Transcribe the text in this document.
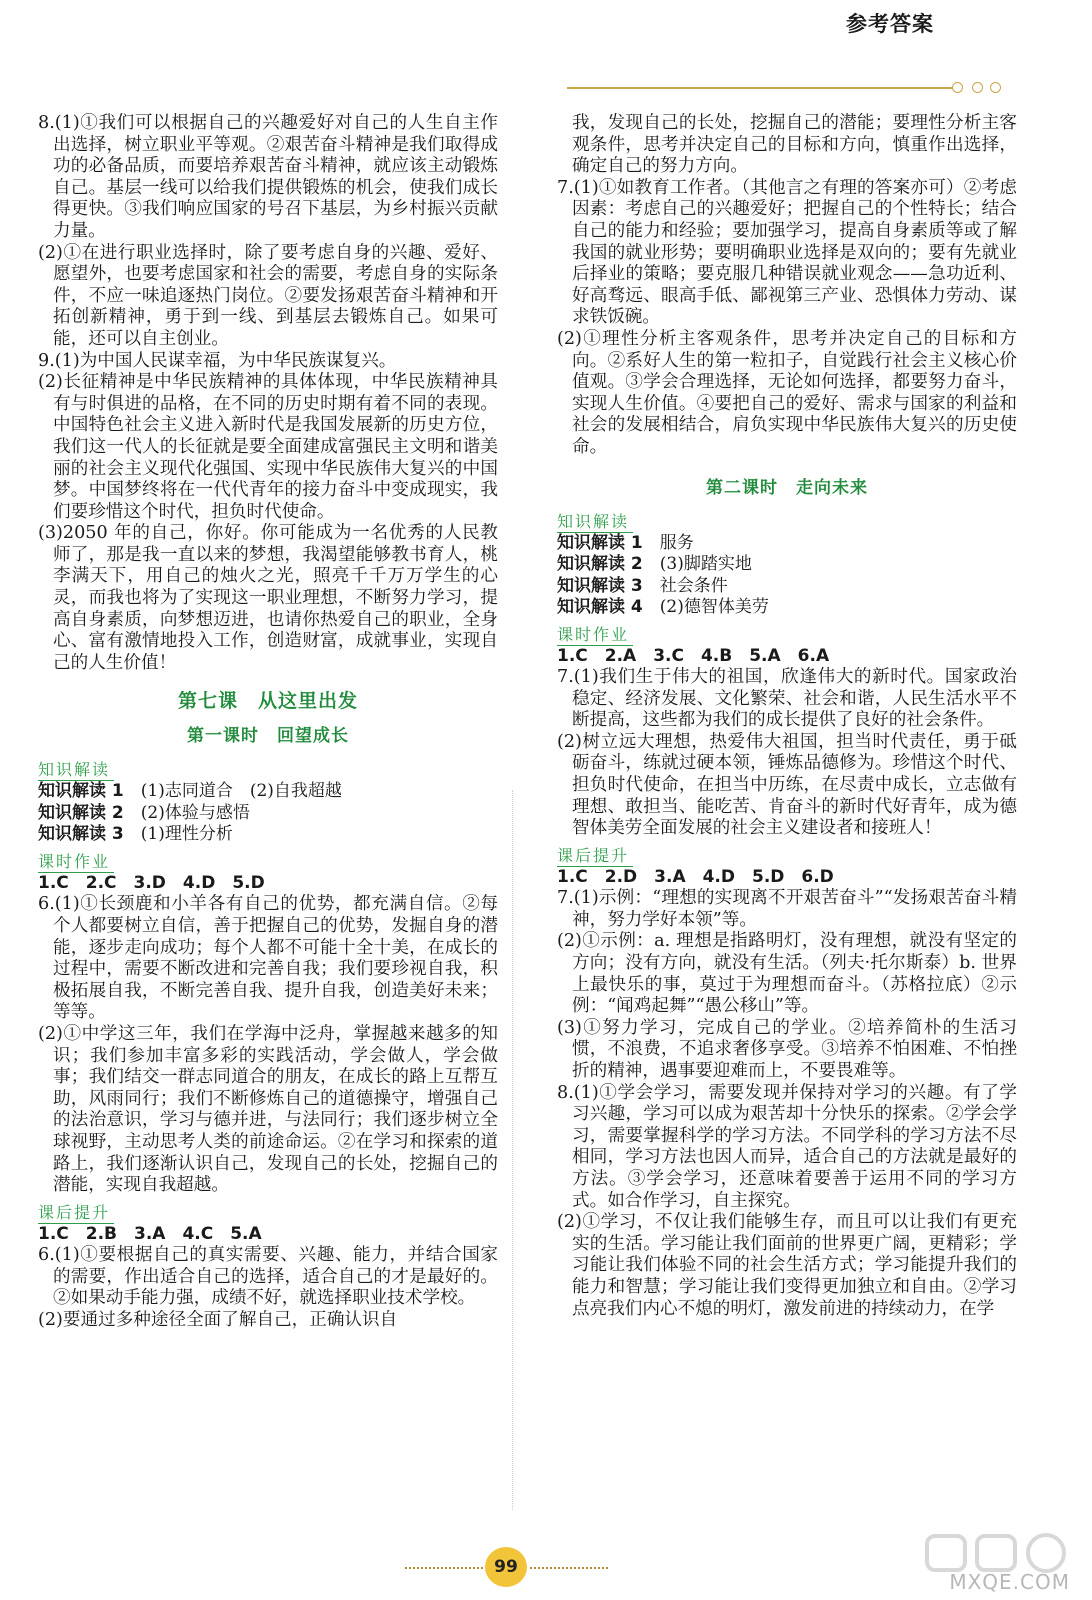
参考答案

8.(1)①我们可以根据自己的兴趣爱好对自己的人生自主作出选择，树立职业平等观。②艰苦奋斗精神是我们取得成功的必备品质，而要培养艰苦奋斗精神，就应该主动锻炼自己。基层一线可以给我们提供锻炼的机会，使我们成长得更快。③我们响应国家的号召下基层，为乡村振兴贡献力量。

(2)①在进行职业选择时，除了要考虑自身的兴趣、爱好、愿望外，也要考虑国家和社会的需要，考虑自身的实际条件，不应一味追逐热门岗位。②要发扬艰苦奋斗精神和开拓创新精神，勇于到一线、到基层去锻炼自己。如果可能，还可以自主创业。

9.(1)为中国人民谋幸福，为中华民族谋复兴。

(2)长征精神是中华民族精神的具体体现，中华民族精神具有与时俱进的品格，在不同的历史时期有着不同的表现。中国特色社会主义进入新时代是我国发展新的历史方位，我们这一代人的长征就是要全面建成富强民主文明和谐美丽的社会主义现代化强国、实现中华民族伟大复兴的中国梦。中国梦终将在一代代青年的接力奋斗中变成现实，我们要珍惜这个时代，担负时代使命。

(3)2050 年的自己，你好。你可能成为一名优秀的人民教师了，那是我一直以来的梦想，我渴望能够教书育人，桃李满天下，用自己的烛火之光，照亮千千万万学生的心灵，而我也将为了实现这一职业理想，不断努力学习，提高自身素质，向梦想迈进，也请你热爱自己的职业，全身心、富有激情地投入工作，创造财富，成就事业，实现自己的人生价值！

第七课　从这里出发
第一课时　回望成长
知识解读
知识解读 1　 (1)志同道合　(2)自我超越
知识解读 2　 (2)体验与感悟
知识解读 3　 (1)理性分析
课时作业
1.C　2.C　3.D　4.D　5.D

6.(1)①长颈鹿和小羊各有自己的优势，都充满自信。②每个人都要树立自信，善于把握自己的优势，发掘自身的潜能，逐步走向成功；每个人都不可能十全十美，在成长的过程中，需要不断改进和完善自我；我们要珍视自我，积极拓展自我，不断完善自我、提升自我，创造美好未来；等等。

(2)①中学这三年，我们在学海中泛舟，掌握越来越多的知识；我们参加丰富多彩的实践活动，学会做人，学会做事；我们结交一群志同道合的朋友，在成长的路上互帮互助，风雨同行；我们不断修炼自己的道德操守，增强自己的法治意识，学习与德并进，与法同行；我们逐步树立全球视野，主动思考人类的前途命运。②在学习和探索的道路上，我们逐渐认识自己，发现自己的长处，挖掘自己的潜能，实现自我超越。

课后提升
1.C　2.B　3.A　4.C　5.A

6.(1)①要根据自己的真实需要、兴趣、能力，并结合国家的需要，作出适合自己的选择，适合自己的才是最好的。②如果动手能力强，成绩不好，就选择职业技术学校。

(2)要通过多种途径全面了解自己，正确认识自

我，发现自己的长处，挖掘自己的潜能；要理性分析主客观条件，思考并决定自己的目标和方向，慎重作出选择，确定自己的努力方向。

7.(1)①如教育工作者。（其他言之有理的答案亦可）②考虑因素：考虑自己的兴趣爱好；把握自己的个性特长；结合自己的能力和经验；要加强学习，提高自身素质等或了解我国的就业形势；要明确职业选择是双向的；要有先就业后择业的策略；要克服几种错误就业观念——急功近利、好高骛远、眼高手低、鄙视第三产业、恐惧体力劳动、谋求铁饭碗。

(2)①理性分析主客观条件，思考并决定自己的目标和方向。②系好人生的第一粒扣子，自觉践行社会主义核心价值观。③学会合理选择，无论如何选择，都要努力奋斗，实现人生价值。④要把自己的爱好、需求与国家的利益和社会的发展相结合，肩负实现中华民族伟大复兴的历史使命。

第二课时　走向未来
知识解读
知识解读 1　 服务
知识解读 2　 (3)脚踏实地
知识解读 3　 社会条件
知识解读 4　 (2)德智体美劳
课时作业
1.C　2.A　3.C　4.B　5.A　6.A

7.(1)我们生于伟大的祖国，欣逢伟大的新时代。国家政治稳定、经济发展、文化繁荣、社会和谐，人民生活水平不断提高，这些都为我们的成长提供了良好的社会条件。

(2)树立远大理想，热爱伟大祖国，担当时代责任，勇于砥砺奋斗，练就过硬本领，锤炼品德修为。珍惜这个时代、担负时代使命，在担当中历练，在尽责中成长，立志做有理想、敢担当、能吃苦、肯奋斗的新时代好青年，成为德智体美劳全面发展的社会主义建设者和接班人！

课后提升
1.C　2.D　3.A　4.D　5.D　6.D

7.(1)示例：“理想的实现离不开艰苦奋斗”“发扬艰苦奋斗精神，努力学好本领”等。

(2)①示例：a. 理想是指路明灯，没有理想，就没有坚定的方向；没有方向，就没有生活。（列夫·托尔斯泰）b. 世界上最快乐的事，莫过于为理想而奋斗。（苏格拉底）②示例：“闻鸡起舞”“愚公移山”等。

(3)①努力学习，完成自己的学业。②培养简朴的生活习惯，不浪费，不追求奢侈享受。③培养不怕困难、不怕挫折的精神，遇事要迎难而上，不要畏难等。

8.(1)①学会学习，需要发现并保持对学习的兴趣。有了学习兴趣，学习可以成为艰苦却十分快乐的探索。②学会学习，需要掌握科学的学习方法。不同学科的学习方法不尽相同，学习方法也因人而异，适合自己的方法就是最好的方法。③学会学习，还意味着要善于运用不同的学习方式。如合作学习，自主探究。

(2)①学习，不仅让我们能够生存，而且可以让我们有更充实的生活。学习能让我们面前的世界更广阔，更精彩；学习能让我们体验不同的社会生活方式；学习能提升我们的能力和智慧；学习能让我们变得更加独立和自由。②学习点亮我们内心不熄的明灯，激发前进的持续动力，在学

99
MXQE.COM
